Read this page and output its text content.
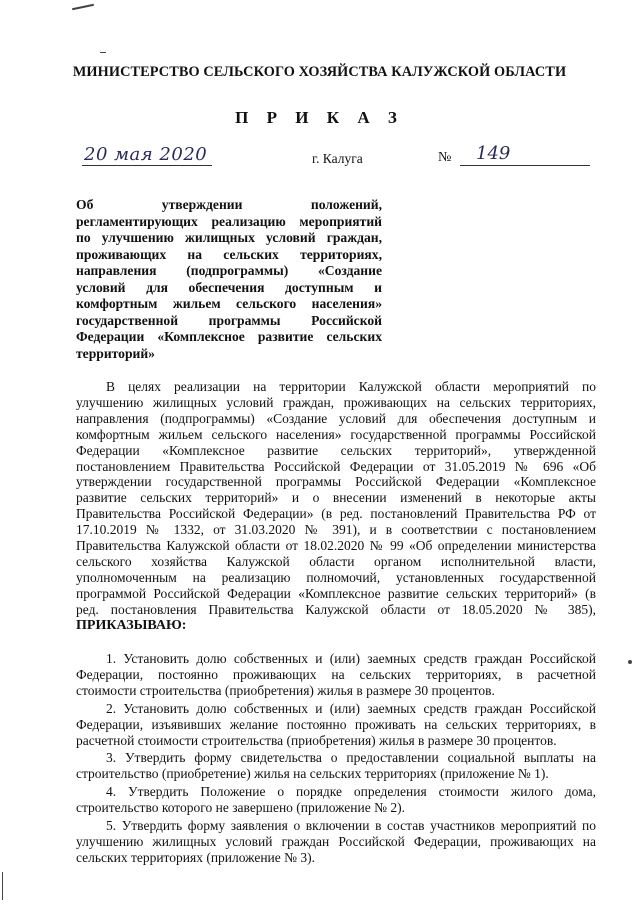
МИНИСТЕРСТВО СЕЛЬСКОГО ХОЗЯЙСТВА КАЛУЖСКОЙ ОБЛАСТИ
П Р И К А З
20 мая 2020	г. Калуга	№ 149
Об утверждении положений,
регламентирующих реализацию мероприятий
по улучшению жилищных условий граждан,
проживающих на сельских территориях,
направления (подпрограммы) «Создание
условий для обеспечения доступным и
комфортным жильем сельского населения»
государственной программы Российской
Федерации «Комплексное развитие сельских
территорий»
В целях реализации на территории Калужской области мероприятий по
улучшению жилищных условий граждан, проживающих на сельских территориях,
направления (подпрограммы) «Создание условий для обеспечения доступным и
комфортным жильем сельского населения» государственной программы Российской
Федерации «Комплексное развитие сельских территорий», утвержденной
постановлением Правительства Российской Федерации от 31.05.2019 № 696 «Об
утверждении государственной программы Российской Федерации «Комплексное
развитие сельских территорий» и о внесении изменений в некоторые акты
Правительства Российской Федерации» (в ред. постановлений Правительства РФ от
17.10.2019 № 1332, от 31.03.2020 № 391), и в соответствии с постановлением
Правительства Калужской области от 18.02.2020 № 99 «Об определении министерства
сельского хозяйства Калужской области органом исполнительной власти,
уполномоченным на реализацию полномочий, установленных государственной
программой Российской Федерации «Комплексное развитие сельских территорий» (в
ред. постановления Правительства Калужской области от 18.05.2020 № 385),
ПРИКАЗЫВАЮ:
1. Установить долю собственных и (или) заемных средств граждан Российской
Федерации, постоянно проживающих на сельских территориях, в расчетной
стоимости строительства (приобретения) жилья в размере 30 процентов.
2. Установить долю собственных и (или) заемных средств граждан Российской
Федерации, изъявивших желание постоянно проживать на сельских территориях, в
расчетной стоимости строительства (приобретения) жилья в размере 30 процентов.
3. Утвердить форму свидетельства о предоставлении социальной выплаты на
строительство (приобретение) жилья на сельских территориях (приложение № 1).
4. Утвердить Положение о порядке определения стоимости жилого дома,
строительство которого не завершено (приложение № 2).
5. Утвердить форму заявления о включении в состав участников мероприятий по
улучшению жилищных условий граждан Российской Федерации, проживающих на
сельских территориях (приложение № 3).
